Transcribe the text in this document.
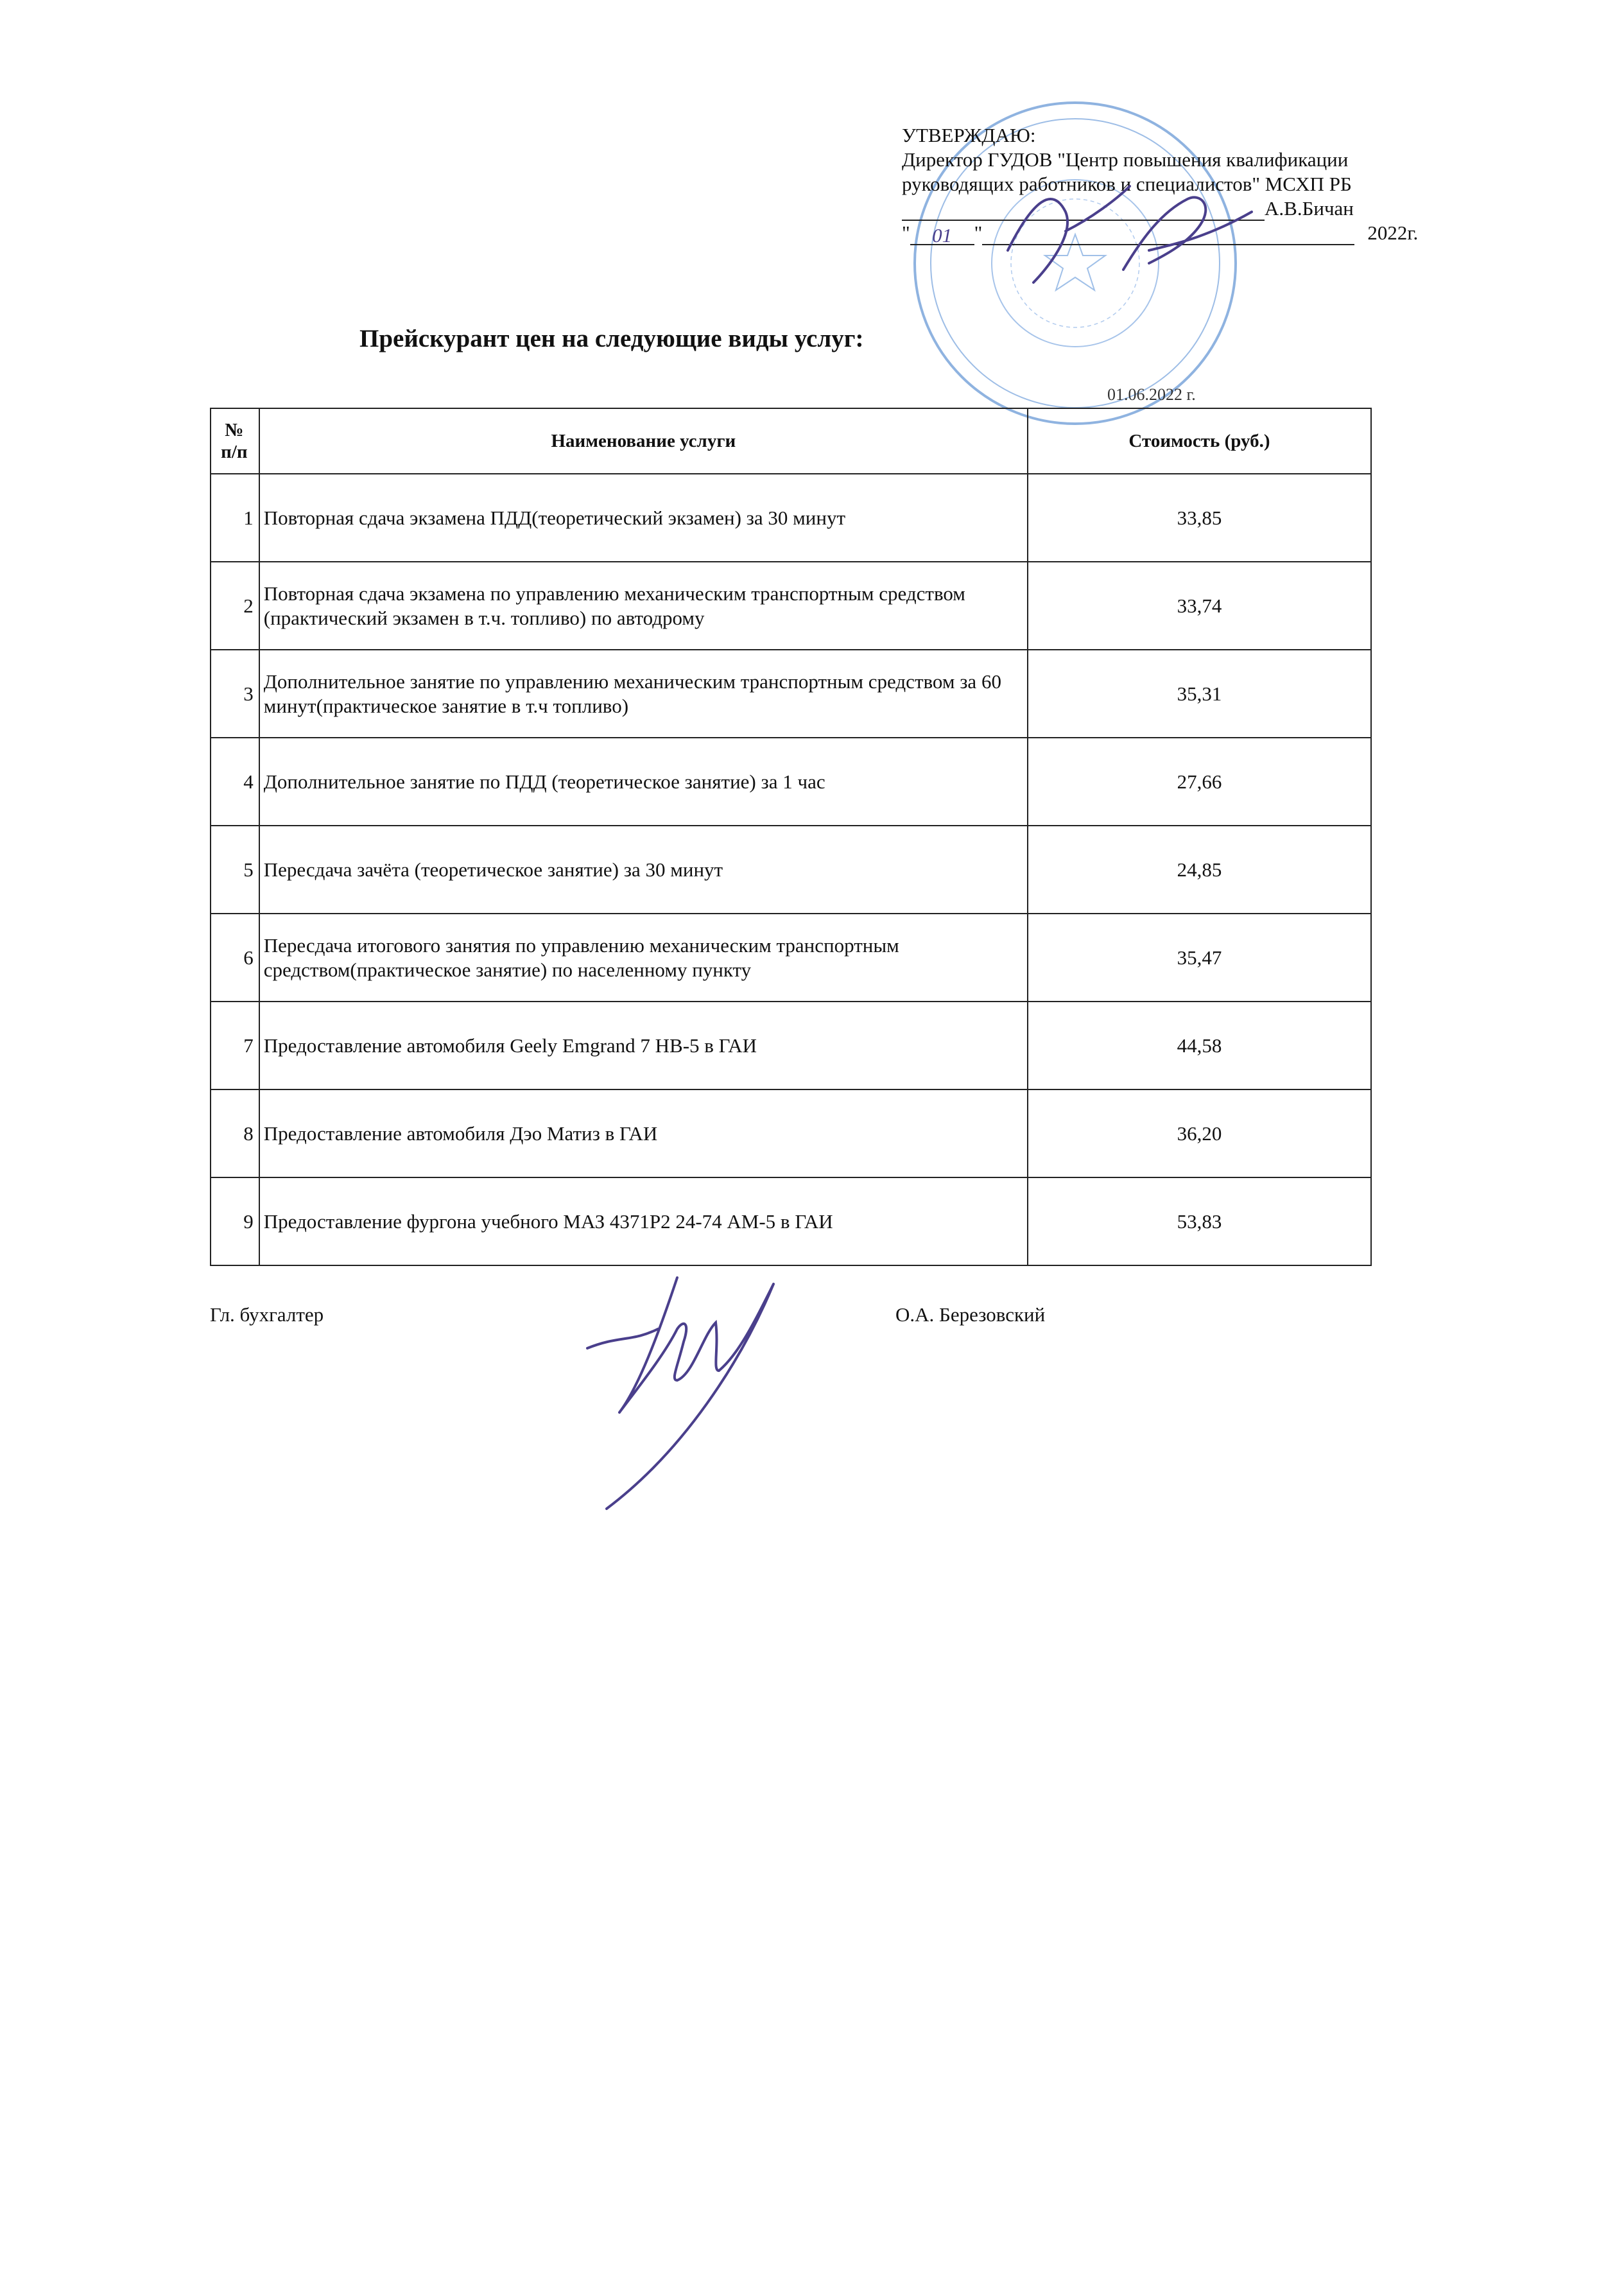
УТВЕРЖДАЮ:
Директор ГУДОВ "Центр повышения квалификации
руководящих работников и специалистов" МСХП РБ
А.В.Бичан
"	01	"	2022г.
Прейскурант цен на следующие виды услуг:
01.06.2022 г.
№ п/п	Наименование услуги	Стоимость (руб.)
1	Повторная сдача экзамена ПДД(теоретический экзамен) за 30 минут	33,85
2	Повторная сдача экзамена по управлению механическим транспортным средством (практический экзамен в т.ч. топливо) по автодрому	33,74
3	Дополнительное занятие по управлению механическим транспортным средством за 60 минут(практическое занятие в т.ч топливо)	35,31
4	Дополнительное занятие по ПДД (теоретическое занятие) за 1 час	27,66
5	Пересдача зачёта (теоретическое занятие) за 30 минут	24,85
6	Пересдача итогового занятия по управлению механическим транспортным средством(практическое занятие) по населенному пункту	35,47
7	Предоставление автомобиля Geely Emgrand 7 HB-5 в ГАИ	44,58
8	Предоставление автомобиля Дэо Матиз в ГАИ	36,20
9	Предоставление фургона учебного МАЗ 4371Р2 24-74 АМ-5 в ГАИ	53,83
Гл. бухгалтер	О.А. Березовский
